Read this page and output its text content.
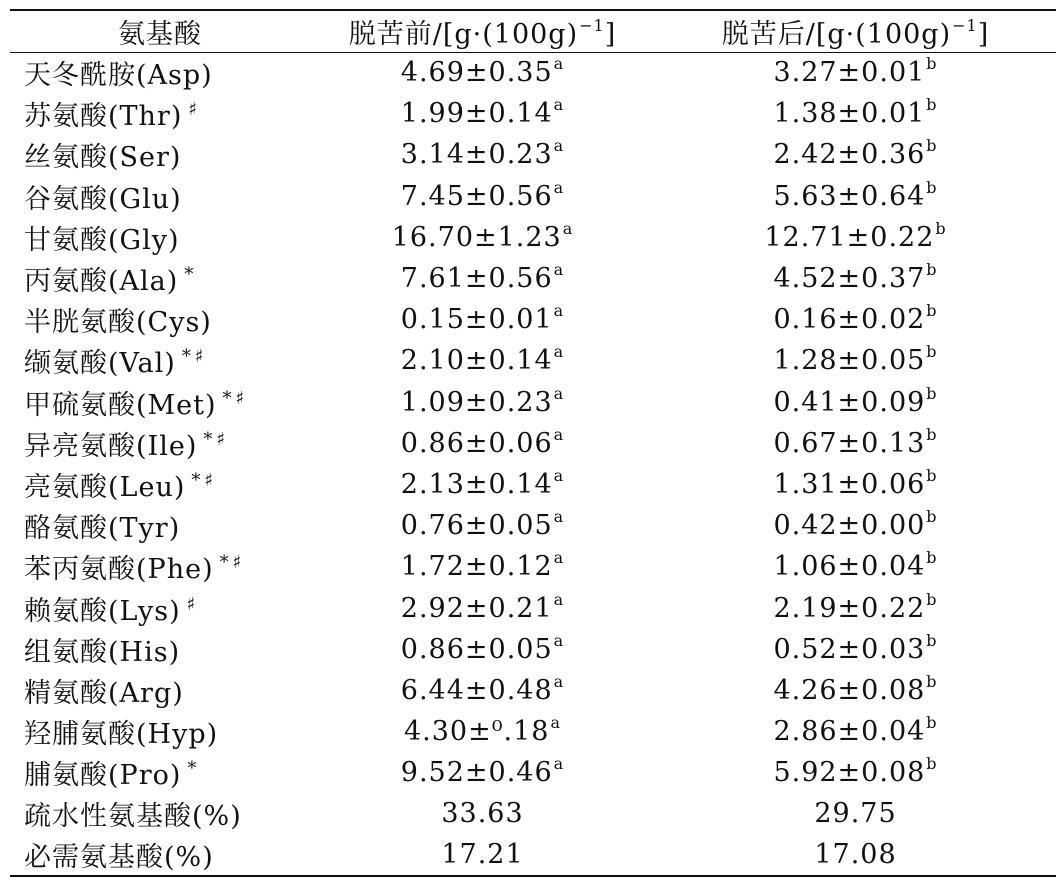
氨基酸	脱苦前$/[g\cdot(100g)^{-1}]$	脱苦后$/[g\cdot(100g)^{-1}]$
天冬酰胺(Asp)	4.69±0.35$^a$	3.27±0.01$^b$
苏氨酸(Thr) ♯	1.99±0.14$^a$	1.38±0.01$^b$
丝氨酸(Ser)	3.14±0.23$^a$	2.42±0.36$^b$
谷氨酸(Glu)	7.45±0.56$^a$	5.63±0.64$^b$
甘氨酸(Gly)	16.70±1.23$^a$	12.71±0.22$^b$
丙氨酸(Ala) *	7.61±0.56$^a$	4.52±0.37$^b$
半胱氨酸(Cys)	0.15±0.01$^a$	0.16±0.02$^b$
缬氨酸(Val) *♯	2.10±0.14$^a$	1.28±0.05$^b$
甲硫氨酸(Met) *♯	1.09±0.23$^a$	0.41±0.09$^b$
异亮氨酸(Ile) *♯	0.86±0.06$^a$	0.67±0.13$^b$
亮氨酸(Leu) *♯	2.13±0.14$^a$	1.31±0.06$^b$
酪氨酸(Tyr)	0.76±0.05$^a$	0.42±0.00$^b$
苯丙氨酸(Phe) *♯	1.72±0.12$^a$	1.06±0.04$^b$
赖氨酸(Lys) ♯	2.92±0.21$^a$	2.19±0.22$^b$
组氨酸(His)	0.86±0.05$^a$	0.52±0.03$^b$
精氨酸(Arg)	6.44±0.48$^a$	4.26±0.08$^b$
羟脯氨酸(Hyp)	4.30±⁰.18$^a$	2.86±0.04$^b$
脯氨酸(Pro) *	9.52±0.46$^a$	5.92±0.08$^b$
疏水性氨基酸(%)	33.63	29.75
必需氨基酸(%)	17.21	17.08
